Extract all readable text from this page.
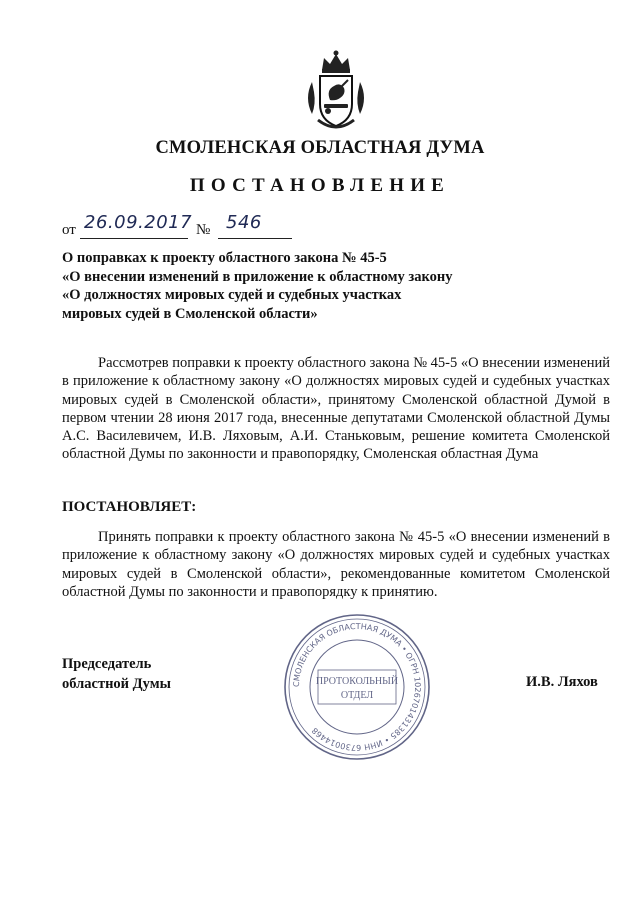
СМОЛЕНСКАЯ ОБЛАСТНАЯ ДУМА
ПОСТАНОВЛЕНИЕ
от 26.09.2017 № 546
О поправках к проекту областного закона № 45-5
«О внесении изменений в приложение к областному закону
«О должностях мировых судей и судебных участках
мировых судей в Смоленской области»
Рассмотрев поправки к проекту областного закона № 45-5 «О внесении изменений в приложение к областному закону «О должностях мировых судей и судебных участках мировых судей в Смоленской области», принятому Смоленской областной Думой в первом чтении 28 июня 2017 года, внесенные депутатами Смоленской областной Думы А.С. Василевичем, И.В. Ляховым, А.И. Станьковым, решение комитета Смоленской областной Думы по законности и правопорядку, Смоленская областная Дума
ПОСТАНОВЛЯЕТ:
Принять поправки к проекту областного закона № 45-5 «О внесении изменений в приложение к областному закону «О должностях мировых судей и судебных участках мировых судей в Смоленской области», рекомендованные комитетом Смоленской областной Думы по законности и правопорядку к принятию.
Председатель
областной Думы	И.В. Ляхов
СМОЛЕНСКАЯ ОБЛАСТНАЯ ДУМА • ОГРН 1026701431385 • ИНН 6730014468
ПРОТОКОЛЬНЫЙ
ОТДЕЛ
